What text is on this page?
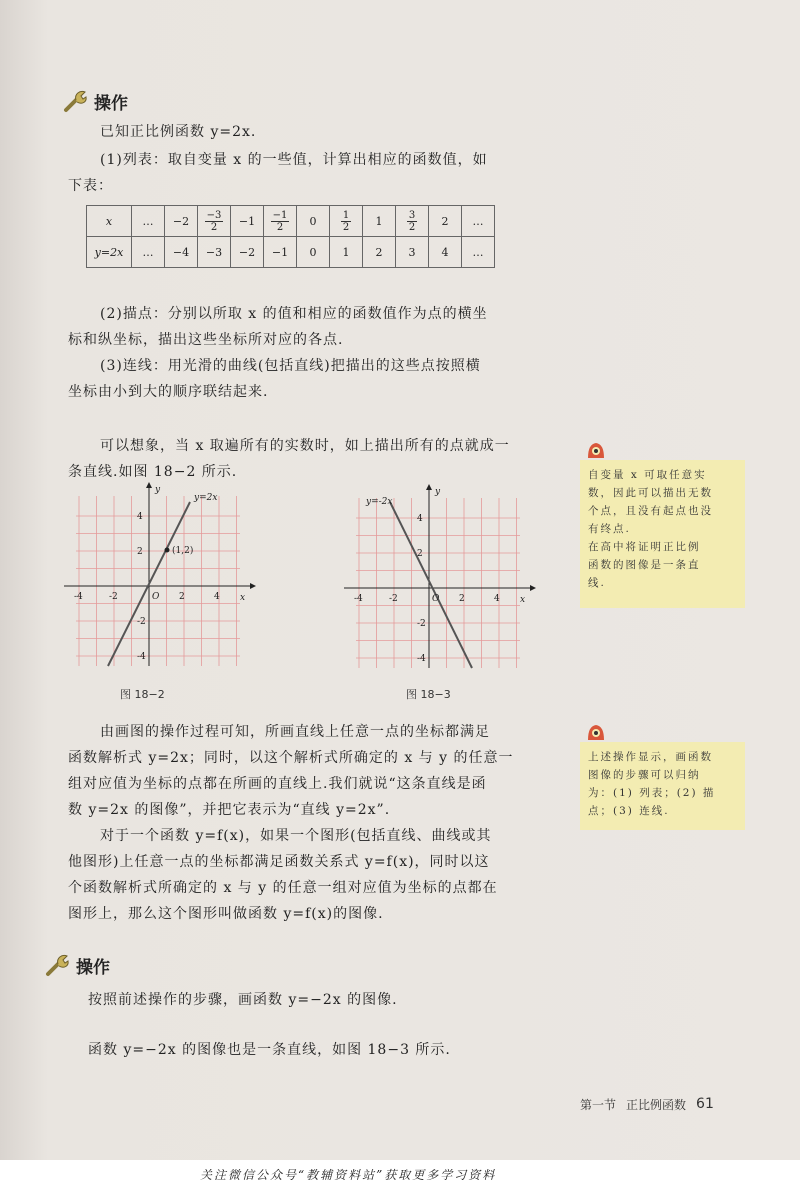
操作
已知正比例函数 y=2x.
(1)列表：取自变量 x 的一些值，计算出相应的函数值，如
下表：
x	…	−2	$\frac{-3}{2}$	−1	$\frac{-1}{2}$	0	$\frac{1}{2}$	1	$\frac{3}{2}$	2	…
y=2x	…	−4	−3	−2	−1	0	1	2	3	4	…
(2)描点：分别以所取 x 的值和相应的函数值作为点的横坐
标和纵坐标，描出这些坐标所对应的各点.
(3)连线：用光滑的曲线(包括直线)把描出的这些点按照横
坐标由小到大的顺序联结起来.
可以想象，当 x 取遍所有的实数时，如上描出所有的点就成一
条直线.如图 18−2 所示.	自变量 x 可取任意实
数，因此可以描出无数
个点，且没有起点也没
有终点.
在高中将证明正比例
函数的图像是一条直
线.
(1,2)
y=2x
O	x
y
-4
-4
-2
-2
2
2
4
4
图 18−2
y=-2x
O	x
y
-4
-4
-2
-2
2
2
4
4
图 18−3
由画图的操作过程可知，所画直线上任意一点的坐标都满足
函数解析式 y=2x；同时，以这个解析式所确定的 x 与 y 的任意一
组对应值为坐标的点都在所画的直线上.我们就说“这条直线是函
数 y=2x 的图像”，并把它表示为“直线 y=2x”.
对于一个函数 y=f(x)，如果一个图形(包括直线、曲线或其
他图形)上任意一点的坐标都满足函数关系式 y=f(x)，同时以这
个函数解析式所确定的 x 与 y 的任意一组对应值为坐标的点都在
图形上，那么这个图形叫做函数 y=f(x)的图像.
上述操作显示，画函数
图像的步骤可以归纳
为：(1) 列表；(2) 描
点；(3) 连线.
操作
按照前述操作的步骤，画函数 y=−2x 的图像.
函数 y=−2x 的图像也是一条直线，如图 18−3 所示.
第一节 正比例函数 61
关注微信公众号“教辅资料站”获取更多学习资料
